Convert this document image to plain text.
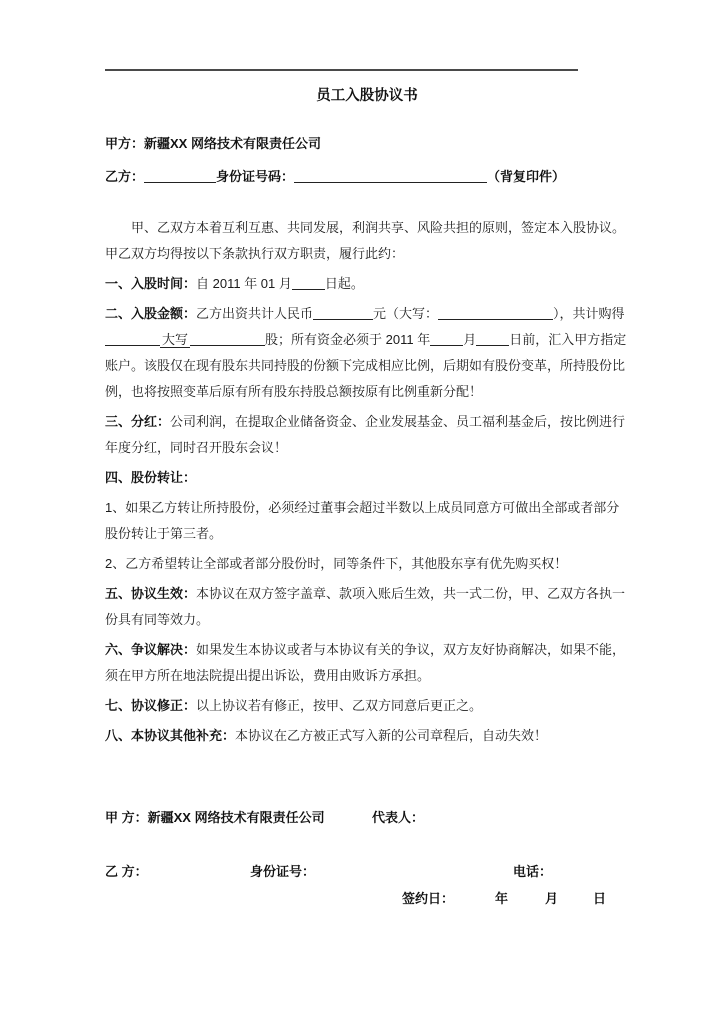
员工入股协议书

甲方：新疆XX 网络技术有限责任公司

乙方：	身份证号码：	（背复印件）

甲、乙双方本着互利互惠、共同发展，利润共享、风险共担的原则，签定本入股协议。甲乙双方均得按以下条款执行双方职责，履行此约：

一、入股时间：自 2011 年 01 月	日起。

二、入股金额：乙方出资共计人民币	元（大写：	），共计购得大写	股；所有资金必须于 2011 年	月	日前，汇入甲方指定账户。该股仅在现有股东共同持股的份额下完成相应比例，后期如有股份变革，所持股份比例，也将按照变革后原有所有股东持股总额按原有比例重新分配！

三、分红：公司利润，在提取企业储备资金、企业发展基金、员工福利基金后，按比例进行年度分红，同时召开股东会议！

四、股份转让：

1、如果乙方转让所持股份，必须经过董事会超过半数以上成员同意方可做出全部或者部分股份转让于第三者。

2、乙方希望转让全部或者部分股份时，同等条件下，其他股东享有优先购买权！

五、协议生效：本协议在双方签字盖章、款项入账后生效，共一式二份，甲、乙双方各执一份具有同等效力。

六、争议解决：如果发生本协议或者与本协议有关的争议，双方友好协商解决，如果不能，须在甲方所在地法院提出提出诉讼，费用由败诉方承担。

七、协议修正：以上协议若有修正，按甲、乙双方同意后更正之。

八、本协议其他补充：本协议在乙方被正式写入新的公司章程后，自动失效！

甲 方：新疆XX 网络技术有限责任公司	代表人：

乙 方：	身份证号：	电话：

签约日：	年	月	日
